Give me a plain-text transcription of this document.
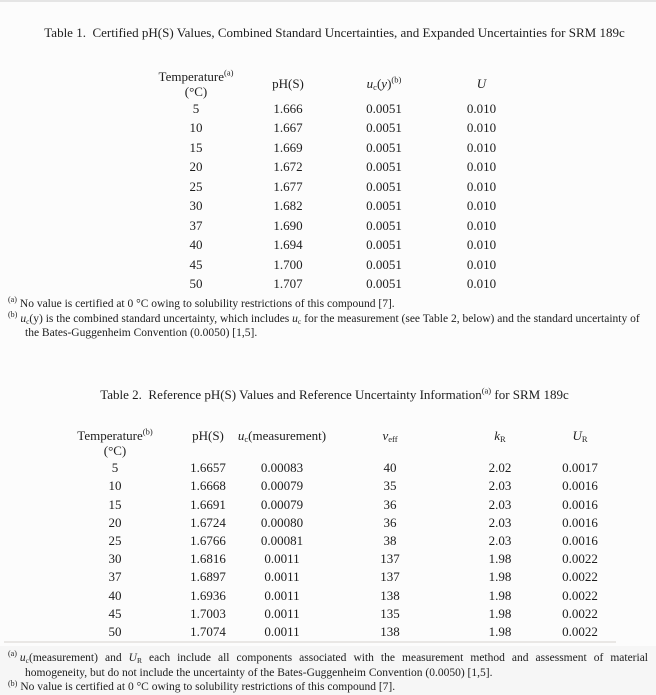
Table 1.  Certified pH(S) Values, Combined Standard Uncertainties, and Expanded Uncertainties for SRM 189c

Temperature$^{(a)}$
(°C)	pH(S)	$u_c(y)^{(b)}$	U
5	1.666	0.0051	0.010
10	1.667	0.0051	0.010
15	1.669	0.0051	0.010
20	1.672	0.0051	0.010
25	1.677	0.0051	0.010
30	1.682	0.0051	0.010
37	1.690	0.0051	0.010
40	1.694	0.0051	0.010
45	1.700	0.0051	0.010
50	1.707	0.0051	0.010
$^{(a)}$ No value is certified at 0 °C owing to solubility restrictions of this compound [7].
$^{(b)}$ $u_c(y)$ is the combined standard uncertainty, which includes $u_c$ for the measurement (see Table 2, below) and the standard uncertainty of the Bates-Guggenheim Convention (0.0050) [1,5].

Table 2.  Reference pH(S) Values and Reference Uncertainty Information$^{(a)}$ for SRM 189c

Temperature$^{(b)}$
(°C)
pH(S) $u_c(measurement)$	$v_{eff}$	$k_R$	$U_R$
5	1.6657	0.00083	40	2.02	0.0017
10	1.6668	0.00079	35	2.03	0.0016
15	1.6691	0.00079	36	2.03	0.0016
20	1.6724	0.00080	36	2.03	0.0016
25	1.6766	0.00081	38	2.03	0.0016
30	1.6816	0.0011	137	1.98	0.0022
37	1.6897	0.0011	137	1.98	0.0022
40	1.6936	0.0011	138	1.98	0.0022
45	1.7003	0.0011	135	1.98	0.0022
50	1.7074	0.0011	138	1.98	0.0022
$^{(a)}$ $u_c(measurement)$ and $U_R$ each include all components associated with the measurement method and assessment of material homogeneity, but do not include the uncertainty of the Bates-Guggenheim Convention (0.0050) [1,5].
$^{(b)}$ No value is certified at 0 °C owing to solubility restrictions of this compound [7].
